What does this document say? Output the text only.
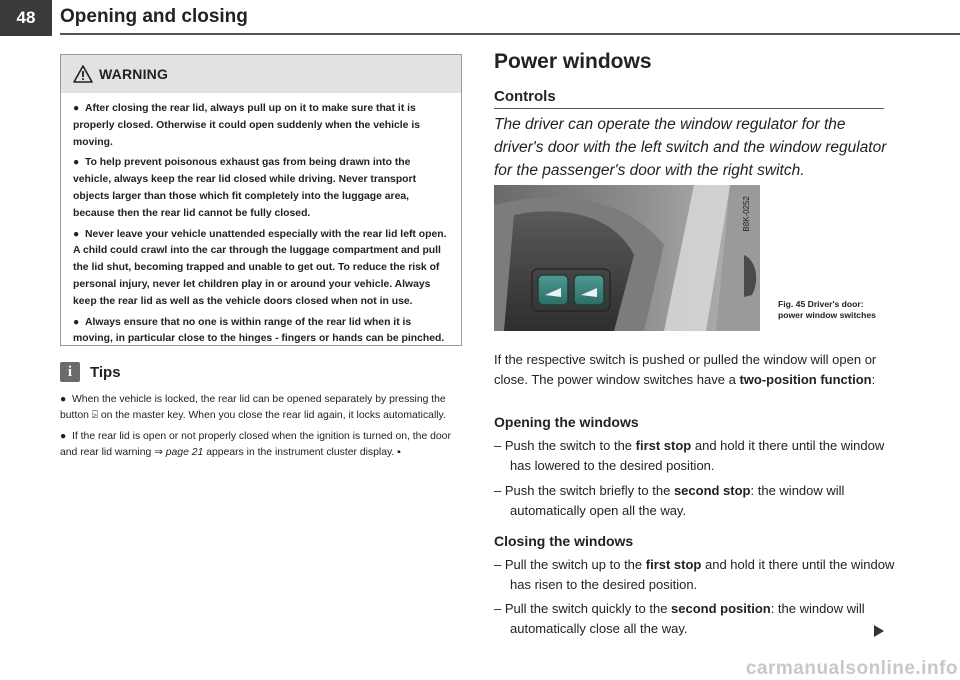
48	Opening and closing
WARNING

● After closing the rear lid, always pull up on it to make sure that it is properly closed. Otherwise it could open suddenly when the vehicle is moving.

● To help prevent poisonous exhaust gas from being drawn into the vehicle, always keep the rear lid closed while driving. Never transport objects larger than those which fit completely into the luggage area, because then the rear lid cannot be fully closed.

● Never leave your vehicle unattended especially with the rear lid left open. A child could crawl into the car through the luggage compartment and pull the lid shut, becoming trapped and unable to get out. To reduce the risk of personal injury, never let children play in or around your vehicle. Always keep the rear lid as well as the vehicle doors closed when not in use.

● Always ensure that no one is within range of the rear lid when it is moving, in particular close to the hinges - fingers or hands can be pinched.

i	Tips

● When the vehicle is locked, the rear lid can be opened separately by pressing the button ⍄ on the master key. When you close the rear lid again, it locks automatically.

● If the rear lid is open or not properly closed when the ignition is turned on, the door and rear lid warning ⇒ page 21 appears in the instrument cluster display. ▪

Power windows
Controls

The driver can operate the window regulator for the driver's door with the left switch and the window regulator for the passenger's door with the right switch.

B8K-0252

Fig. 45 Driver's door: power window switches

If the respective switch is pushed or pulled the window will open or close. The power window switches have a two-position function:

Opening the windows

– Push the switch to the first stop and hold it there until the window has lowered to the desired position.

– Push the switch briefly to the second stop: the window will automatically open all the way.

Closing the windows

– Pull the switch up to the first stop and hold it there until the window has risen to the desired position.

– Pull the switch quickly to the second position: the window will automatically close all the way.

carmanualsonline.info
